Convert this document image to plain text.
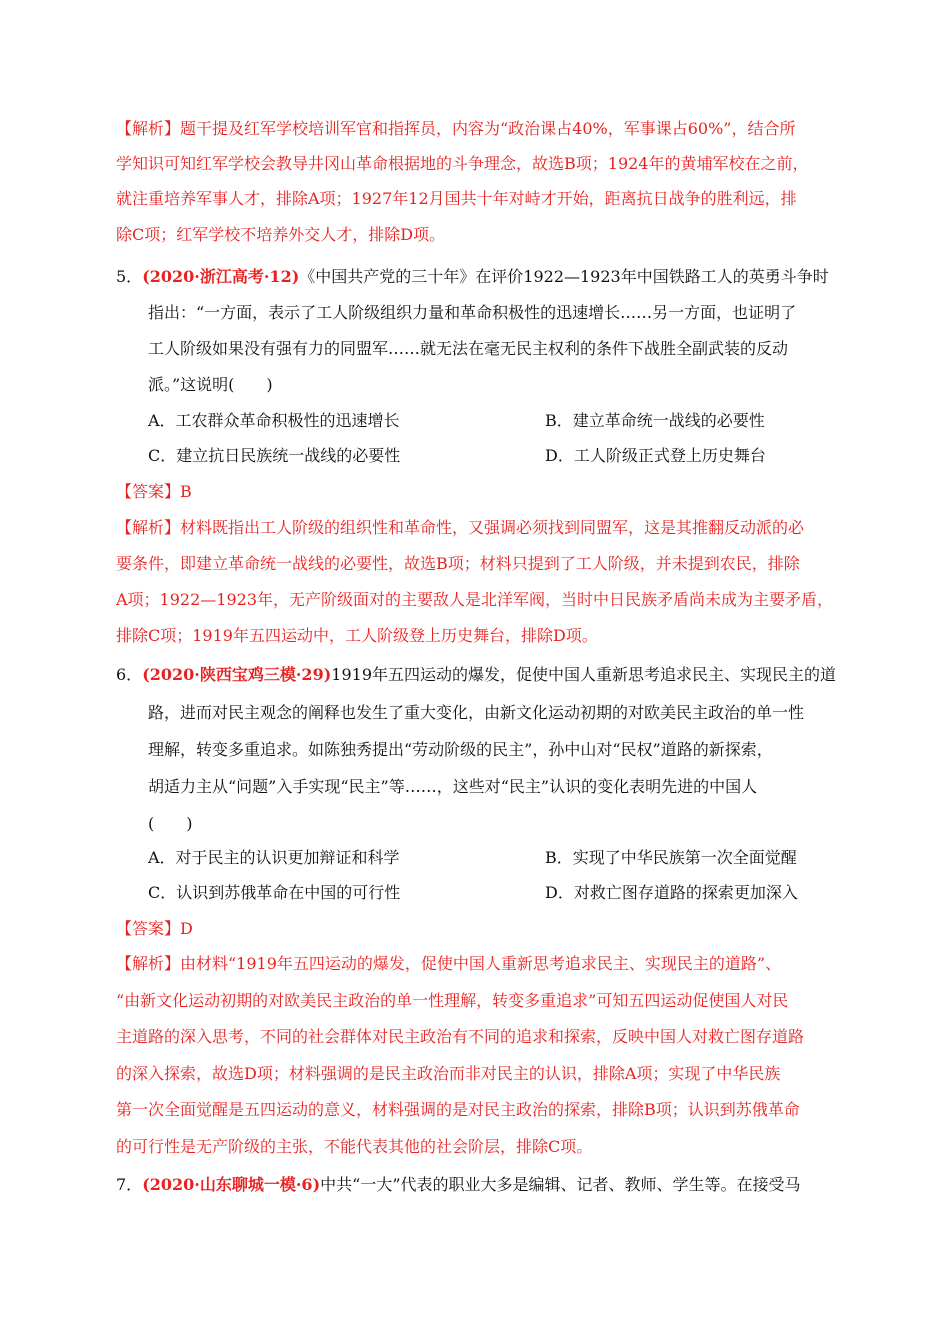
【解析】题干提及红军学校培训军官和指挥员，内容为“政治课占40%，军事课占60%”，结合所
学知识可知红军学校会教导井冈山革命根据地的斗争理念，故选B项；1924年的黄埔军校在之前，
就注重培养军事人才，排除A项；1927年12月国共十年对峙才开始，距离抗日战争的胜利远，排
除C项；红军学校不培养外交人才，排除D项。
5．(2020·浙江高考·12)《中国共产党的三十年》在评价1922—1923年中国铁路工人的英勇斗争时
指出：“一方面，表示了工人阶级组织力量和革命积极性的迅速增长……另一方面，也证明了
工人阶级如果没有强有力的同盟军……就无法在毫无民主权利的条件下战胜全副武装的反动
派。”这说明(　　)
A．工农群众革命积极性的迅速增长	B．建立革命统一战线的必要性
C．建立抗日民族统一战线的必要性	D．工人阶级正式登上历史舞台
【答案】B
【解析】材料既指出工人阶级的组织性和革命性，又强调必须找到同盟军，这是其推翻反动派的必
要条件，即建立革命统一战线的必要性，故选B项；材料只提到了工人阶级，并未提到农民，排除
A项；1922—1923年，无产阶级面对的主要敌人是北洋军阀，当时中日民族矛盾尚未成为主要矛盾，
排除C项；1919年五四运动中，工人阶级登上历史舞台，排除D项。
6．(2020·陕西宝鸡三模·29)1919年五四运动的爆发，促使中国人重新思考追求民主、实现民主的道
路，进而对民主观念的阐释也发生了重大变化，由新文化运动初期的对欧美民主政治的单一性
理解，转变多重追求。如陈独秀提出“劳动阶级的民主”，孙中山对“民权”道路的新探索，
胡适力主从“问题”入手实现“民主”等……，这些对“民主”认识的变化表明先进的中国人
(　　)
A．对于民主的认识更加辩证和科学	B．实现了中华民族第一次全面觉醒
C．认识到苏俄革命在中国的可行性	D．对救亡图存道路的探索更加深入
【答案】D
【解析】由材料“1919年五四运动的爆发，促使中国人重新思考追求民主、实现民主的道路”、
“由新文化运动初期的对欧美民主政治的单一性理解，转变多重追求”可知五四运动促使国人对民
主道路的深入思考，不同的社会群体对民主政治有不同的追求和探索，反映中国人对救亡图存道路
的深入探索，故选D项；材料强调的是民主政治而非对民主的认识，排除A项；实现了中华民族
第一次全面觉醒是五四运动的意义，材料强调的是对民主政治的探索，排除B项；认识到苏俄革命
的可行性是无产阶级的主张，不能代表其他的社会阶层，排除C项。
7．(2020·山东聊城一模·6)中共“一大”代表的职业大多是编辑、记者、教师、学生等。在接受马
